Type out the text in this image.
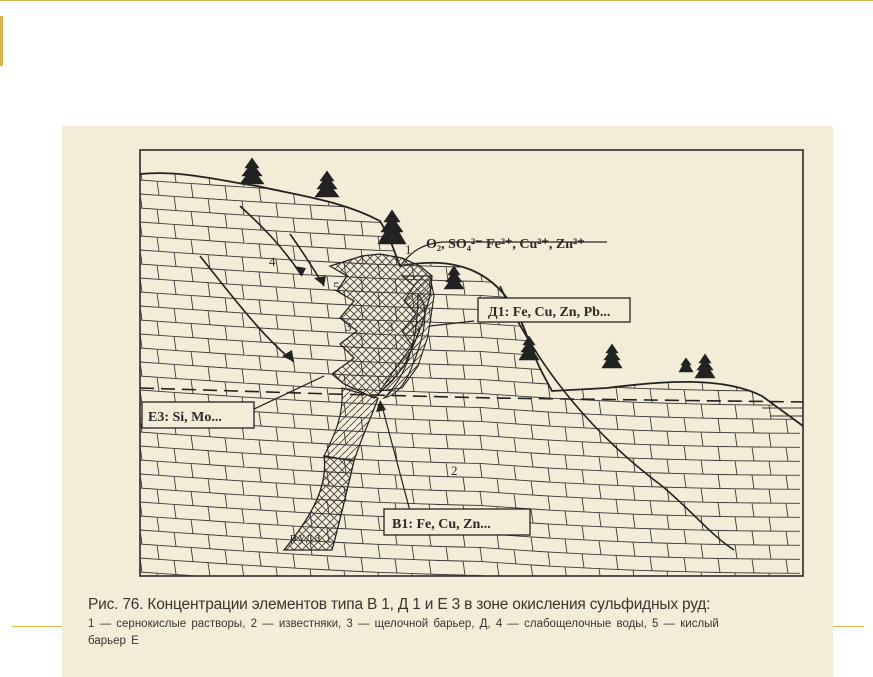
O₂, SO₄²⁻ Fe²⁺, Cu²⁺, Zn²⁺
Д1: Fe, Cu, Zn, Pb...
E3: Si, Mo...
B1: Fe, Cu, Zn...
руда
1
2
3	3 3
4
5
Рис. 76. Концентрации элементов типа В 1, Д 1 и Е 3 в зоне окисления сульфидных руд:
1 — сернокислые растворы, 2 — известняки, 3 — щелочной барьер, Д, 4 — слабощелочные воды, 5 — кислый
барьер Е
